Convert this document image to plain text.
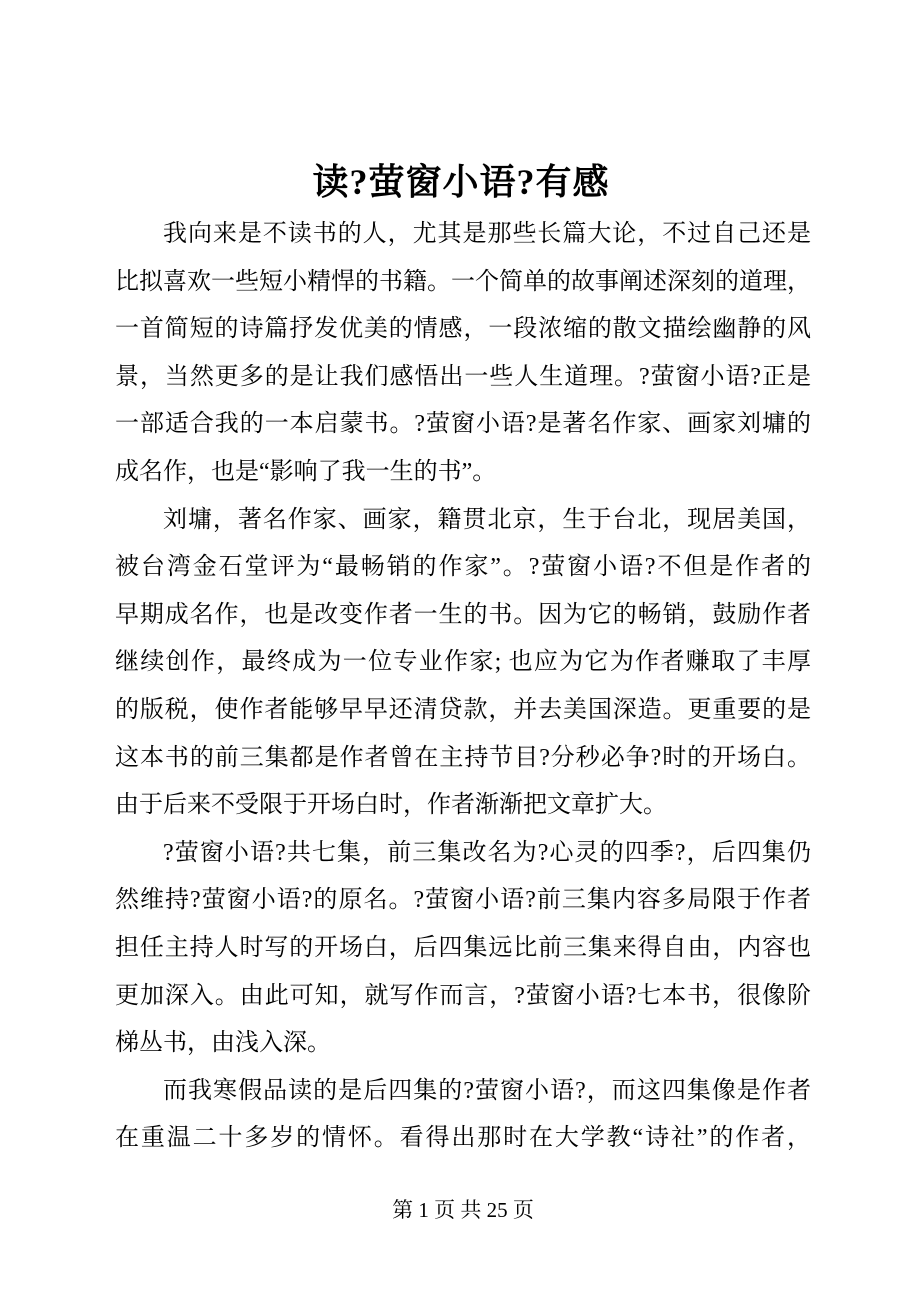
读?萤窗小语?有感
我向来是不读书的人，尤其是那些长篇大论，不过自己还是
比拟喜欢一些短小精悍的书籍。一个简单的故事阐述深刻的道理，
一首简短的诗篇抒发优美的情感，一段浓缩的散文描绘幽静的风
景，当然更多的是让我们感悟出一些人生道理。?萤窗小语?正是
一部适合我的一本启蒙书。?萤窗小语?是著名作家、画家刘墉的
成名作，也是“影响了我一生的书”。
刘墉，著名作家、画家，籍贯北京，生于台北，现居美国，
被台湾金石堂评为“最畅销的作家”。?萤窗小语?不但是作者的
早期成名作，也是改变作者一生的书。因为它的畅销，鼓励作者
继续创作，最终成为一位专业作家; 也应为它为作者赚取了丰厚
的版税，使作者能够早早还清贷款，并去美国深造。更重要的是
这本书的前三集都是作者曾在主持节目?分秒必争?时的开场白。
由于后来不受限于开场白时，作者渐渐把文章扩大。
?萤窗小语?共七集，前三集改名为?心灵的四季?，后四集仍
然维持?萤窗小语?的原名。?萤窗小语?前三集内容多局限于作者
担任主持人时写的开场白，后四集远比前三集来得自由，内容也
更加深入。由此可知，就写作而言，?萤窗小语?七本书，很像阶
梯丛书，由浅入深。
而我寒假品读的是后四集的?萤窗小语?，而这四集像是作者
在重温二十多岁的情怀。看得出那时在大学教“诗社”的作者，
第 1 页 共 25 页
